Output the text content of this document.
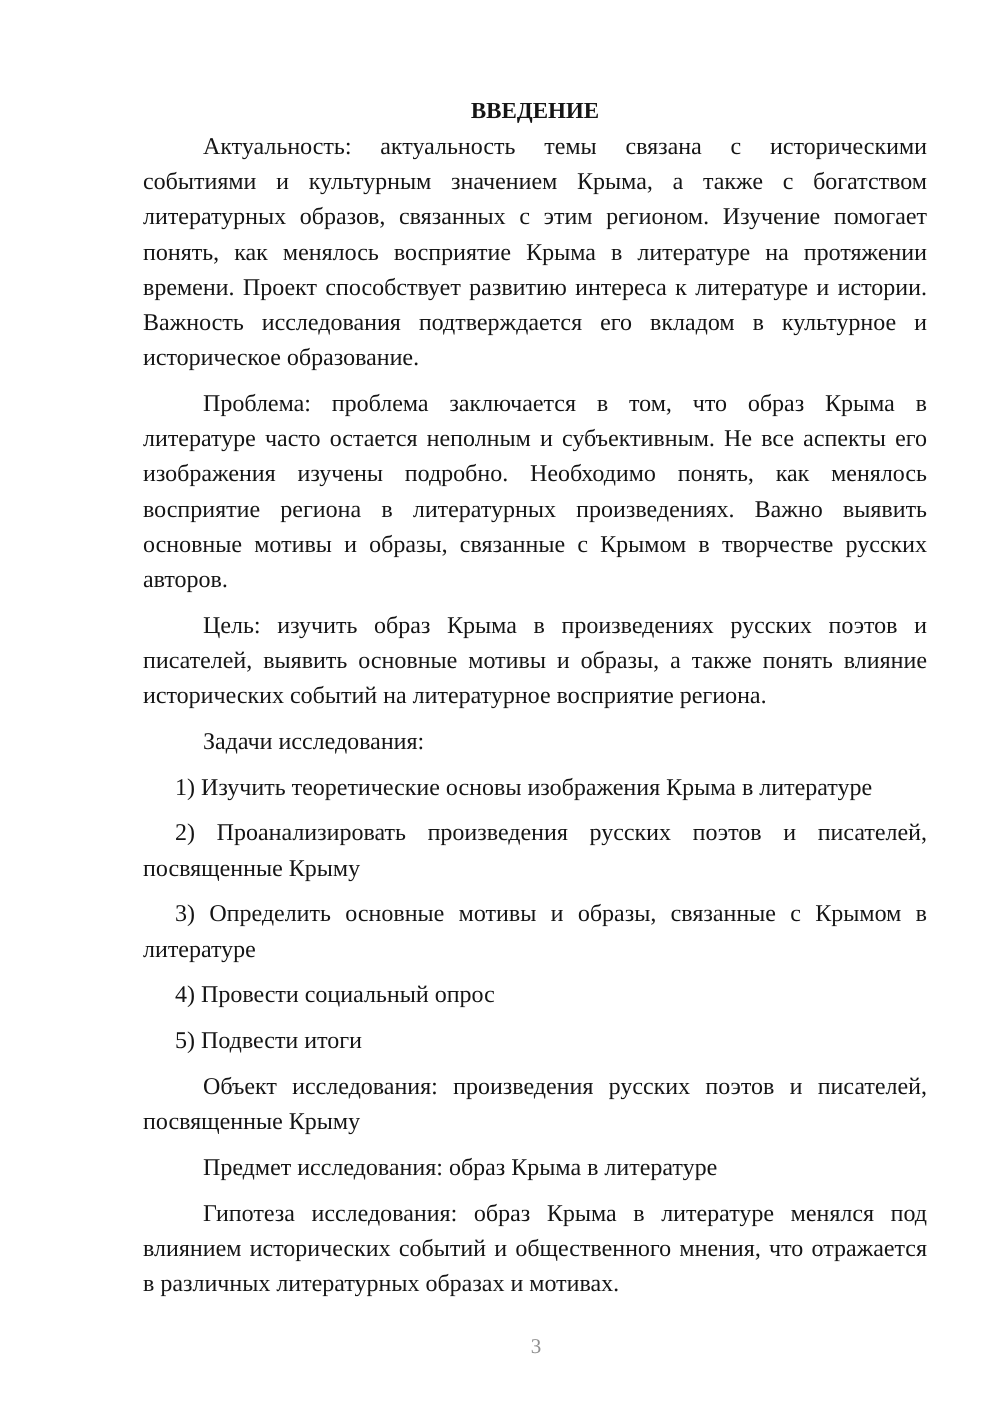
ВВЕДЕНИЕ

Актуальность: актуальность темы связана с историческими событиями и культурным значением Крыма, а также с богатством литературных образов, связанных с этим регионом. Изучение помогает понять, как менялось восприятие Крыма в литературе на протяжении времени. Проект способствует развитию интереса к литературе и истории. Важность исследования подтверждается его вкладом в культурное и историческое образование.

Проблема: проблема заключается в том, что образ Крыма в литературе часто остается неполным и субъективным. Не все аспекты его изображения изучены подробно. Необходимо понять, как менялось восприятие региона в литературных произведениях. Важно выявить основные мотивы и образы, связанные с Крымом в творчестве русских авторов.

Цель: изучить образ Крыма в произведениях русских поэтов и писателей, выявить основные мотивы и образы, а также понять влияние исторических событий на литературное восприятие региона.

Задачи исследования:

1) Изучить теоретические основы изображения Крыма в литературе

2) Проанализировать произведения русских поэтов и писателей, посвященные Крыму

3) Определить основные мотивы и образы, связанные с Крымом в литературе

4) Провести социальный опрос

5) Подвести итоги

Объект исследования: произведения русских поэтов и писателей, посвященные Крыму

Предмет исследования: образ Крыма в литературе

Гипотеза исследования: образ Крыма в литературе менялся под влиянием исторических событий и общественного мнения, что отражается в различных литературных образах и мотивах.

3
